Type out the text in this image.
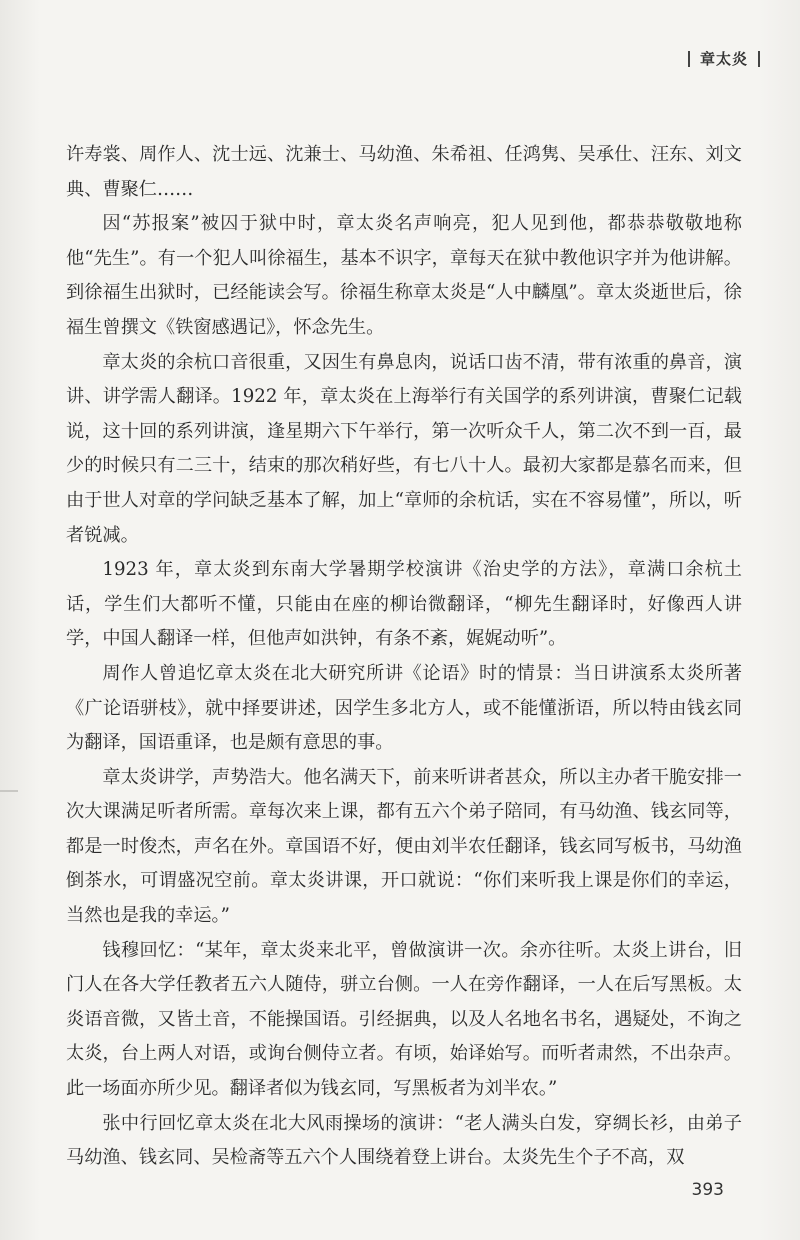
章太炎

许寿裳、周作人、沈士远、沈兼士、马幼渔、朱希祖、任鸿隽、吴承仕、汪东、刘文典、曹聚仁……

因“苏报案”被囚于狱中时，章太炎名声响亮，犯人见到他，都恭恭敬敬地称他“先生”。有一个犯人叫徐福生，基本不识字，章每天在狱中教他识字并为他讲解。到徐福生出狱时，已经能读会写。徐福生称章太炎是“人中麟凰”。章太炎逝世后，徐福生曾撰文《铁窗感遇记》，怀念先生。

章太炎的余杭口音很重，又因生有鼻息肉，说话口齿不清，带有浓重的鼻音，演讲、讲学需人翻译。1922 年，章太炎在上海举行有关国学的系列讲演，曹聚仁记载说，这十回的系列讲演，逢星期六下午举行，第一次听众千人，第二次不到一百，最少的时候只有二三十，结束的那次稍好些，有七八十人。最初大家都是慕名而来，但由于世人对章的学问缺乏基本了解，加上“章师的余杭话，实在不容易懂”，所以，听者锐减。

1923 年，章太炎到东南大学暑期学校演讲《治史学的方法》，章满口余杭土话，学生们大都听不懂，只能由在座的柳诒微翻译，“柳先生翻译时，好像西人讲学，中国人翻译一样，但他声如洪钟，有条不紊，娓娓动听”。

周作人曾追忆章太炎在北大研究所讲《论语》时的情景：当日讲演系太炎所著《广论语骈枝》，就中择要讲述，因学生多北方人，或不能懂浙语，所以特由钱玄同为翻译，国语重译，也是颇有意思的事。

章太炎讲学，声势浩大。他名满天下，前来听讲者甚众，所以主办者干脆安排一次大课满足听者所需。章每次来上课，都有五六个弟子陪同，有马幼渔、钱玄同等，都是一时俊杰，声名在外。章国语不好，便由刘半农任翻译，钱玄同写板书，马幼渔倒茶水，可谓盛况空前。章太炎讲课，开口就说：“你们来听我上课是你们的幸运，当然也是我的幸运。”

钱穆回忆：“某年，章太炎来北平，曾做演讲一次。余亦往听。太炎上讲台，旧门人在各大学任教者五六人随侍，骈立台侧。一人在旁作翻译，一人在后写黑板。太炎语音微，又皆土音，不能操国语。引经据典，以及人名地名书名，遇疑处，不询之太炎，台上两人对语，或询台侧侍立者。有顷，始译始写。而听者肃然，不出杂声。此一场面亦所少见。翻译者似为钱玄同，写黑板者为刘半农。”

张中行回忆章太炎在北大风雨操场的演讲：“老人满头白发，穿绸长衫，由弟子马幼渔、钱玄同、吴检斋等五六个人围绕着登上讲台。太炎先生个子不高，双

393
